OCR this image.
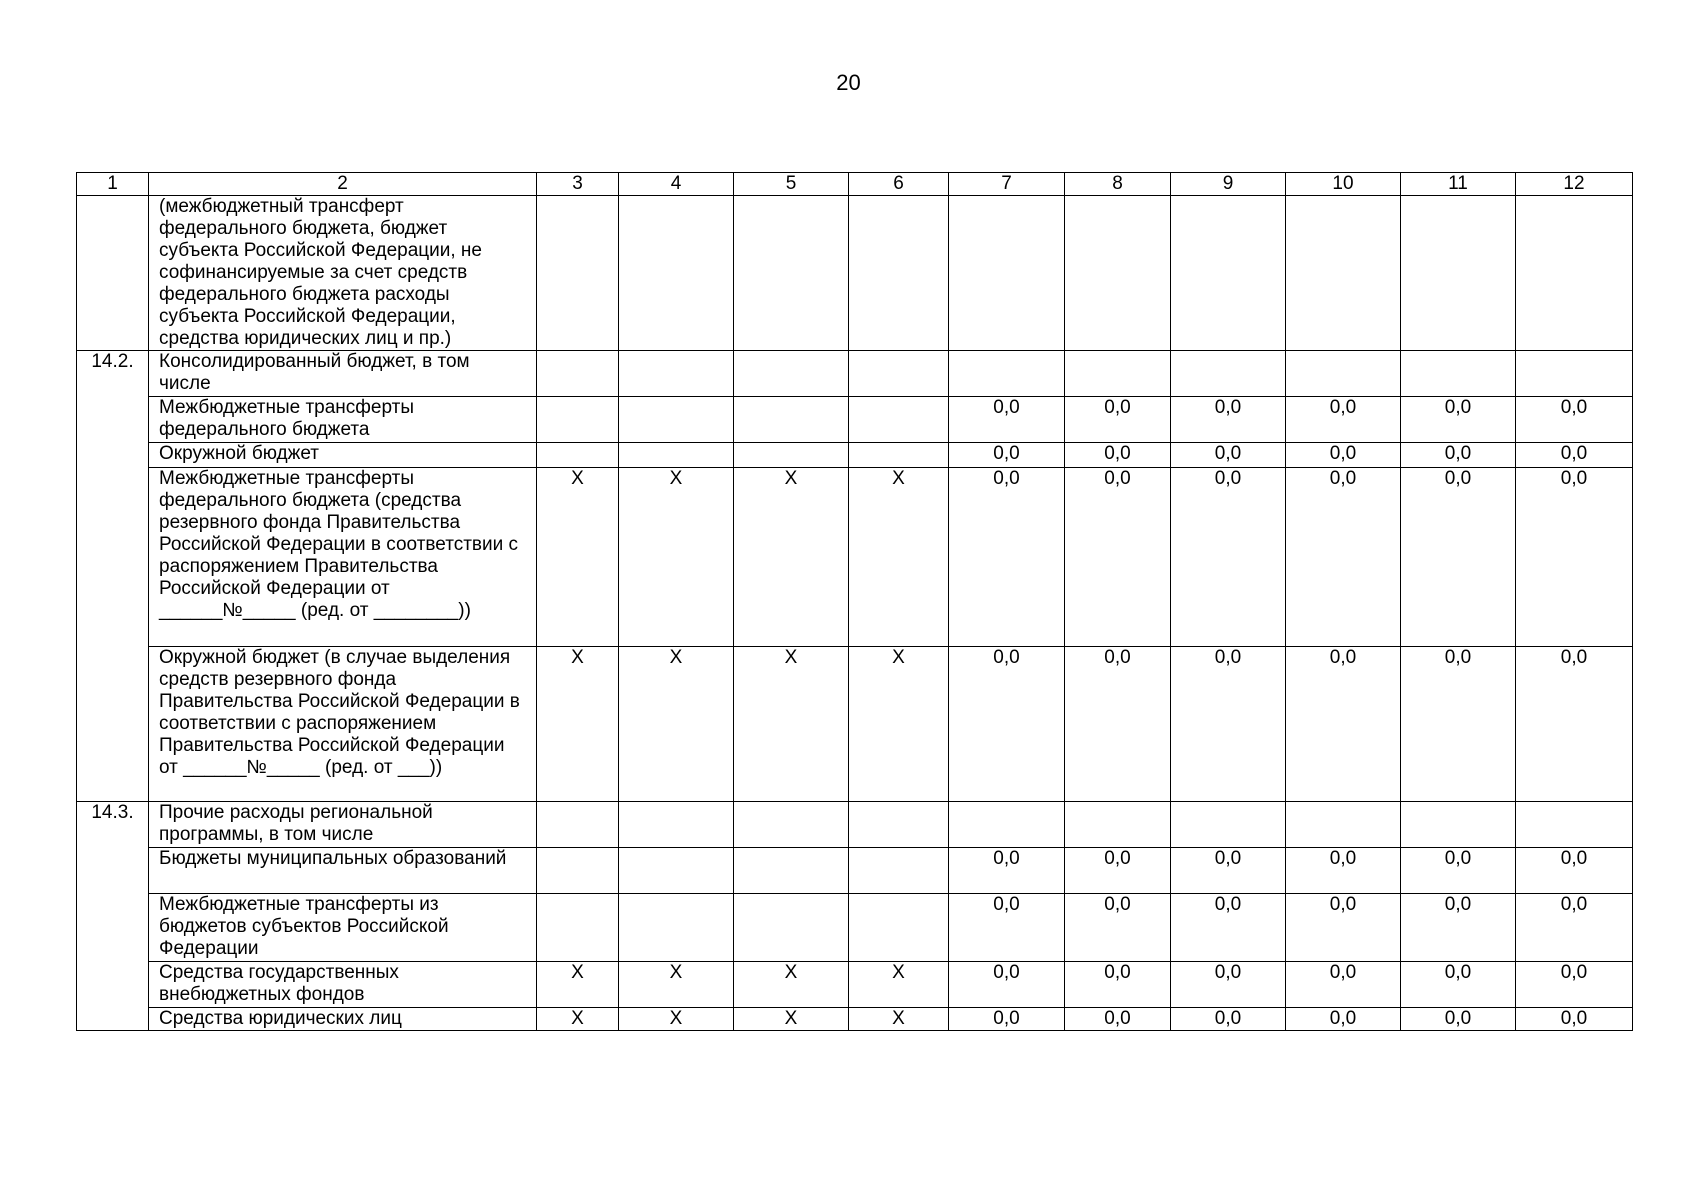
20
1	2	3	4	5	6	7	8	9	10	11	12
	(межбюджетный трансферт федерального бюджета, бюджет субъекта Российской Федерации, не софинансируемые за счет средств федерального бюджета расходы субъекта Российской Федерации, средства юридических лиц и пр.)										
14.2.	Консолидированный бюджет, в том числе										
	Межбюджетные трансферты федерального бюджета					0,0	0,0	0,0	0,0	0,0	0,0
	Окружной бюджет					0,0	0,0	0,0	0,0	0,0	0,0
	Межбюджетные трансферты федерального бюджета (средства резервного фонда Правительства Российской Федерации в соответствии с распоряжением Правительства Российской Федерации от ______№_____ (ред. от ________))	Х	Х	Х	Х	0,0	0,0	0,0	0,0	0,0	0,0
	Окружной бюджет (в случае выделения средств резервного фонда Правительства Российской Федерации в соответствии с распоряжением Правительства Российской Федерации от ______№_____ (ред. от ___))	Х	Х	Х	Х	0,0	0,0	0,0	0,0	0,0	0,0
14.3.	Прочие расходы региональной программы, в том числе										
	Бюджеты муниципальных образований					0,0	0,0	0,0	0,0	0,0	0,0
	Межбюджетные трансферты из бюджетов субъектов Российской Федерации					0,0	0,0	0,0	0,0	0,0	0,0
	Средства государственных внебюджетных фондов	Х	Х	Х	Х	0,0	0,0	0,0	0,0	0,0	0,0
	Средства юридических лиц	Х	Х	Х	Х	0,0	0,0	0,0	0,0	0,0	0,0
